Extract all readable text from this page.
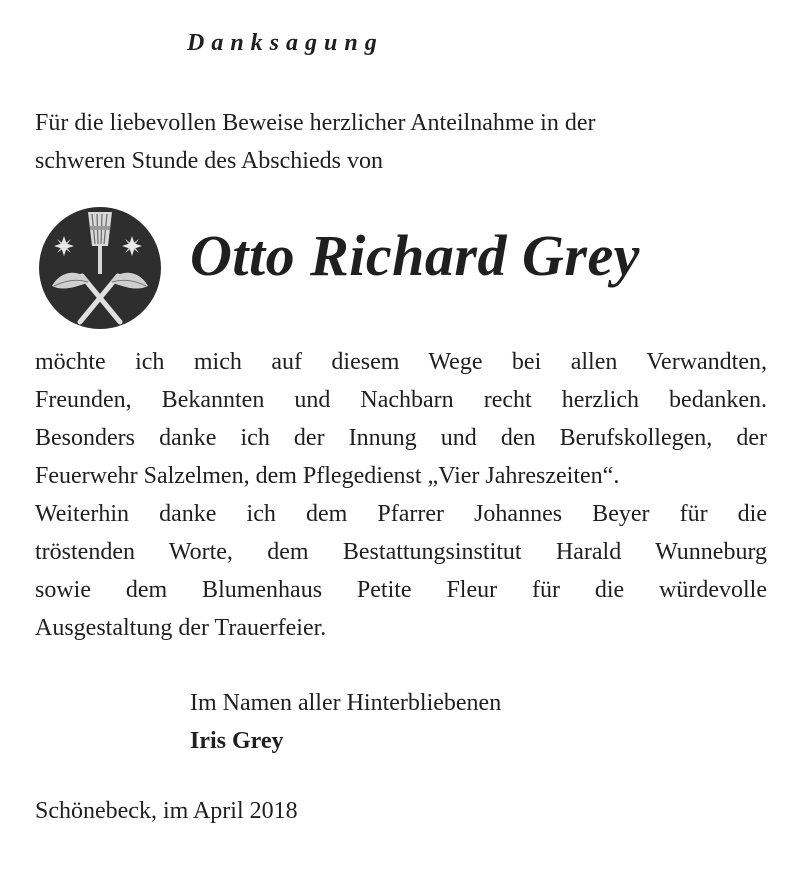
Danksagung
Für die liebevollen Beweise herzlicher Anteilnahme in der
schweren Stunde des Abschieds von
Otto Richard Grey
möchte ich mich auf diesem Wege bei allen Verwandten,
Freunden, Bekannten und Nachbarn recht herzlich bedanken.
Besonders danke ich der Innung und den Berufskollegen, der
Feuerwehr Salzelmen, dem Pflegedienst „Vier Jahreszeiten“.
Weiterhin danke ich dem Pfarrer Johannes Beyer für die
tröstenden Worte, dem Bestattungsinstitut Harald Wunneburg
sowie dem Blumenhaus Petite Fleur für die würdevolle
Ausgestaltung der Trauerfeier.
Im Namen aller Hinterbliebenen
Iris Grey
Schönebeck, im April 2018
